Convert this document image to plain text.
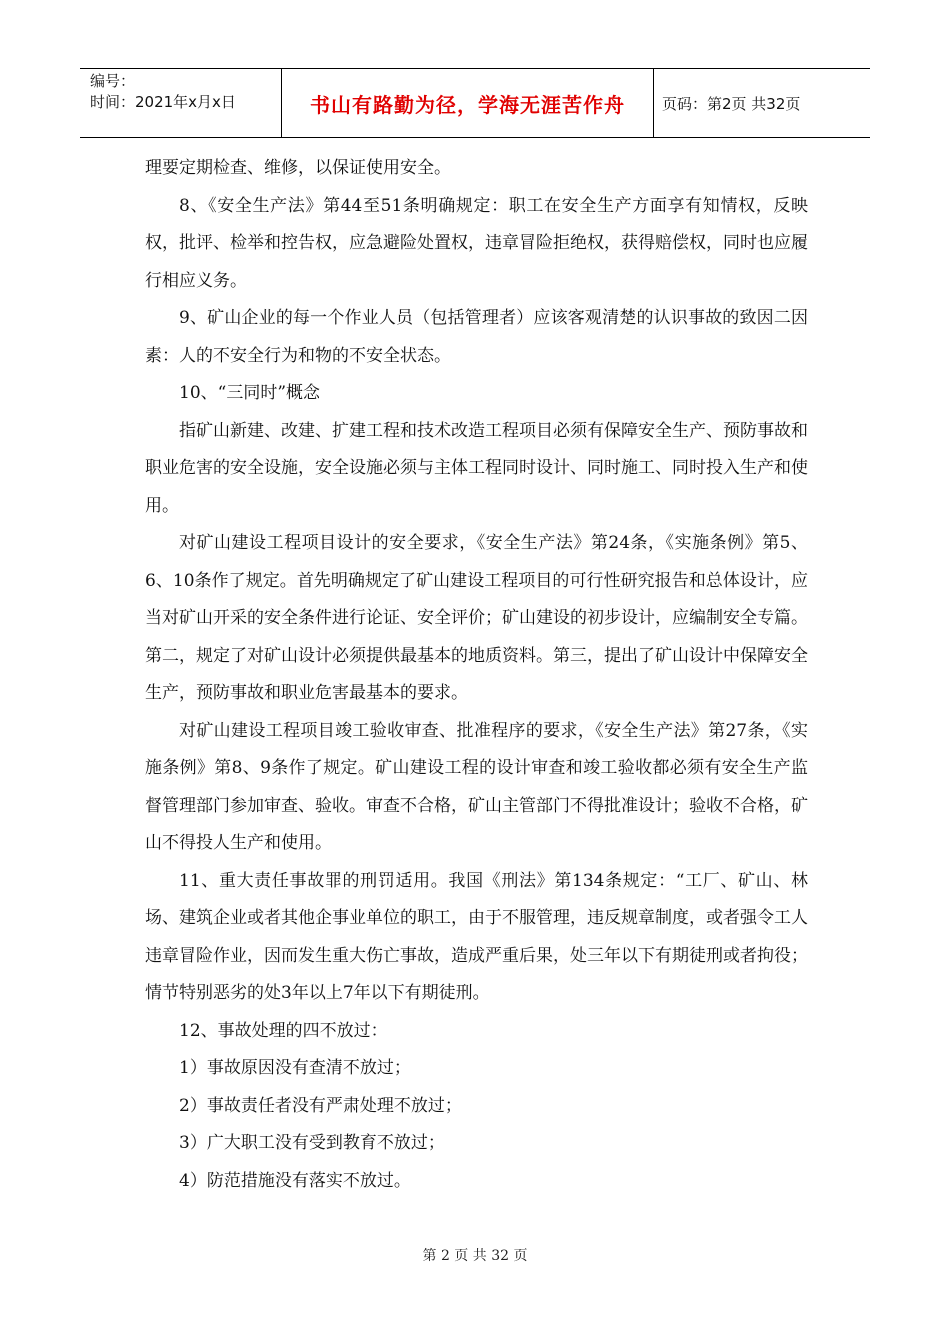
编号：
时间：2021年x月x日	书山有路勤为径，学海无涯苦作舟	页码：第2页 共32页

理要定期检查、维修，以保证使用安全。

8、《安全生产法》第44至51条明确规定：职工在安全生产方面享有知情权，反映权，批评、检举和控告权，应急避险处置权，违章冒险拒绝权，获得赔偿权，同时也应履行相应义务。

9、矿山企业的每一个作业人员（包括管理者）应该客观清楚的认识事故的致因二因素：人的不安全行为和物的不安全状态。

10、“三同时”概念

指矿山新建、改建、扩建工程和技术改造工程项目必须有保障安全生产、预防事故和职业危害的安全设施，安全设施必须与主体工程同时设计、同时施工、同时投入生产和使用。

对矿山建设工程项目设计的安全要求，《安全生产法》第24条，《实施条例》第5、6、10条作了规定。首先明确规定了矿山建设工程项目的可行性研究报告和总体设计，应当对矿山开采的安全条件进行论证、安全评价；矿山建设的初步设计，应编制安全专篇。第二，规定了对矿山设计必须提供最基本的地质资料。第三，提出了矿山设计中保障安全生产，预防事故和职业危害最基本的要求。

对矿山建设工程项目竣工验收审查、批准程序的要求，《安全生产法》第27条，《实施条例》第8、9条作了规定。矿山建设工程的设计审查和竣工验收都必须有安全生产监督管理部门参加审查、验收。审查不合格，矿山主管部门不得批准设计；验收不合格，矿山不得投人生产和使用。

11、重大责任事故罪的刑罚适用。我国《刑法》第134条规定：“工厂、矿山、林场、建筑企业或者其他企事业单位的职工，由于不服管理，违反规章制度，或者强令工人违章冒险作业，因而发生重大伤亡事故，造成严重后果，处三年以下有期徒刑或者拘役；情节特别恶劣的处3年以上7年以下有期徒刑。

12、事故处理的四不放过：

1）事故原因没有查清不放过；

2）事故责任者没有严肃处理不放过；

3）广大职工没有受到教育不放过；

4）防范措施没有落实不放过。

第 2 页 共 32 页
